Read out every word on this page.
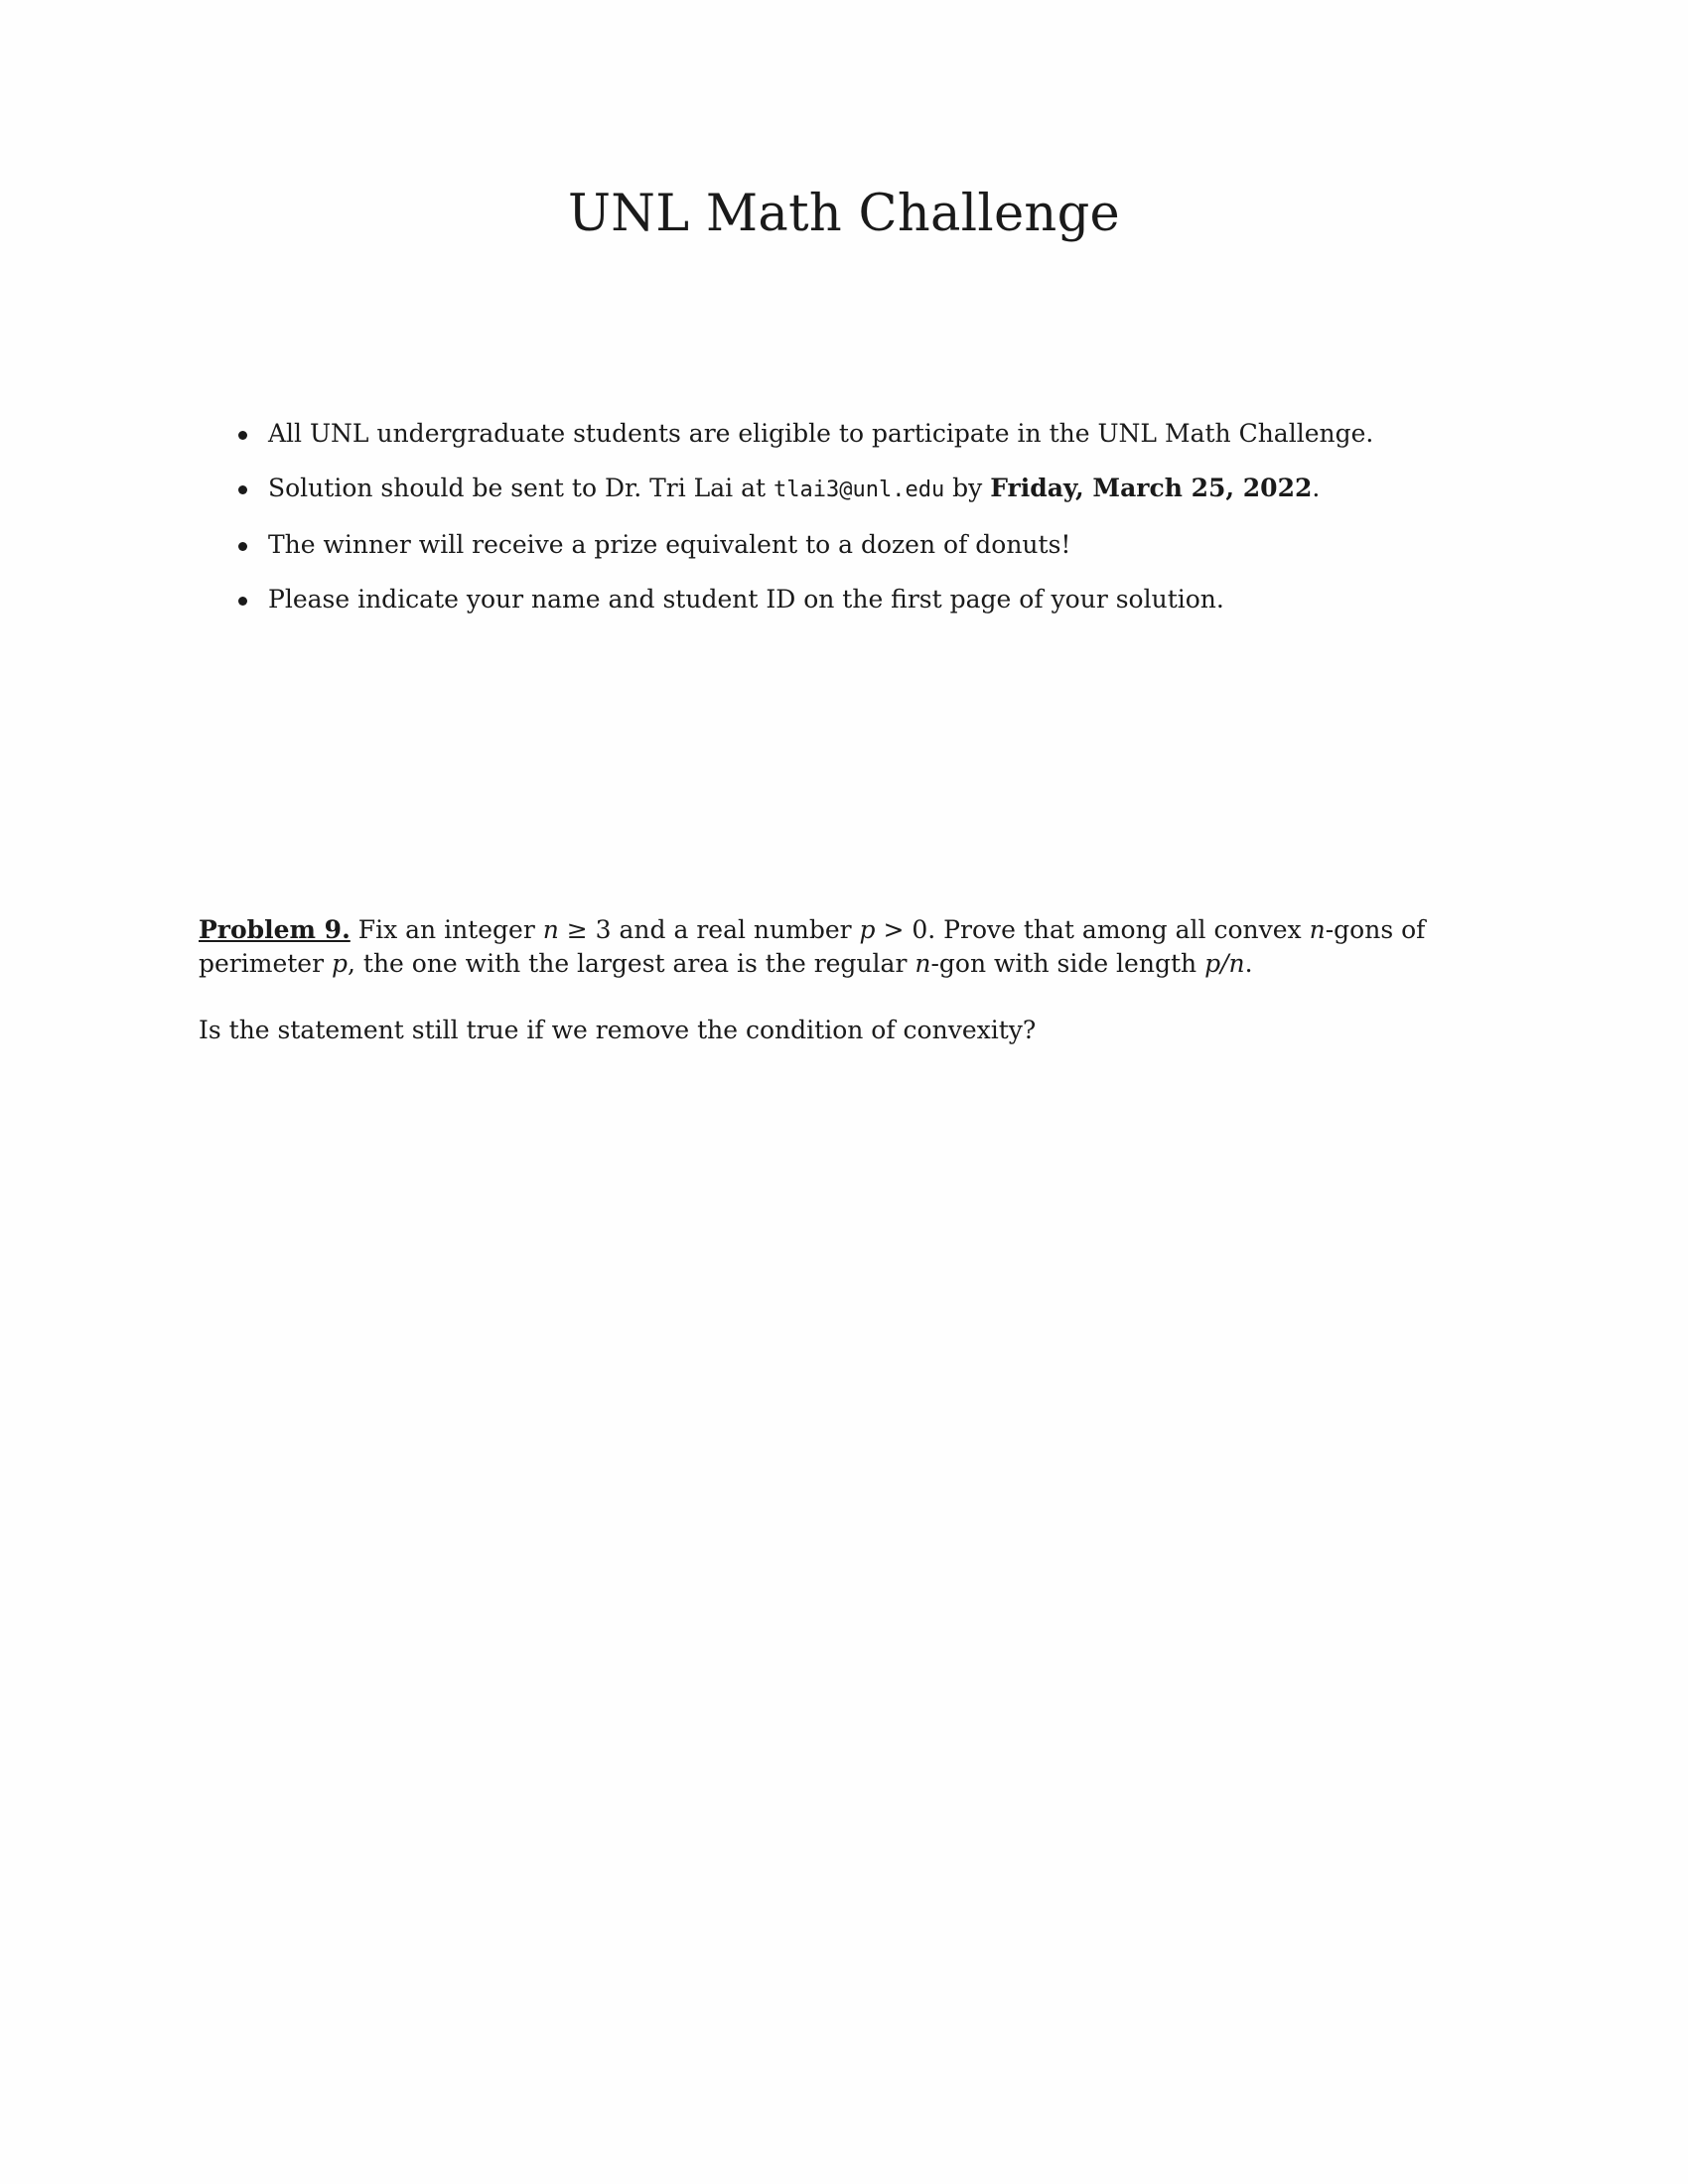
UNL Math Challenge
All UNL undergraduate students are eligible to participate in the UNL Math Challenge.
Solution should be sent to Dr. Tri Lai at tlai3@unl.edu by Friday, March 25, 2022.
The winner will receive a prize equivalent to a dozen of donuts!
Please indicate your name and student ID on the first page of your solution.

Problem 9. Fix an integer n ≥ 3 and a real number p > 0. Prove that among all convex n-gons of perimeter p, the one with the largest area is the regular n-gon with side length p/n.

Is the statement still true if we remove the condition of convexity?
